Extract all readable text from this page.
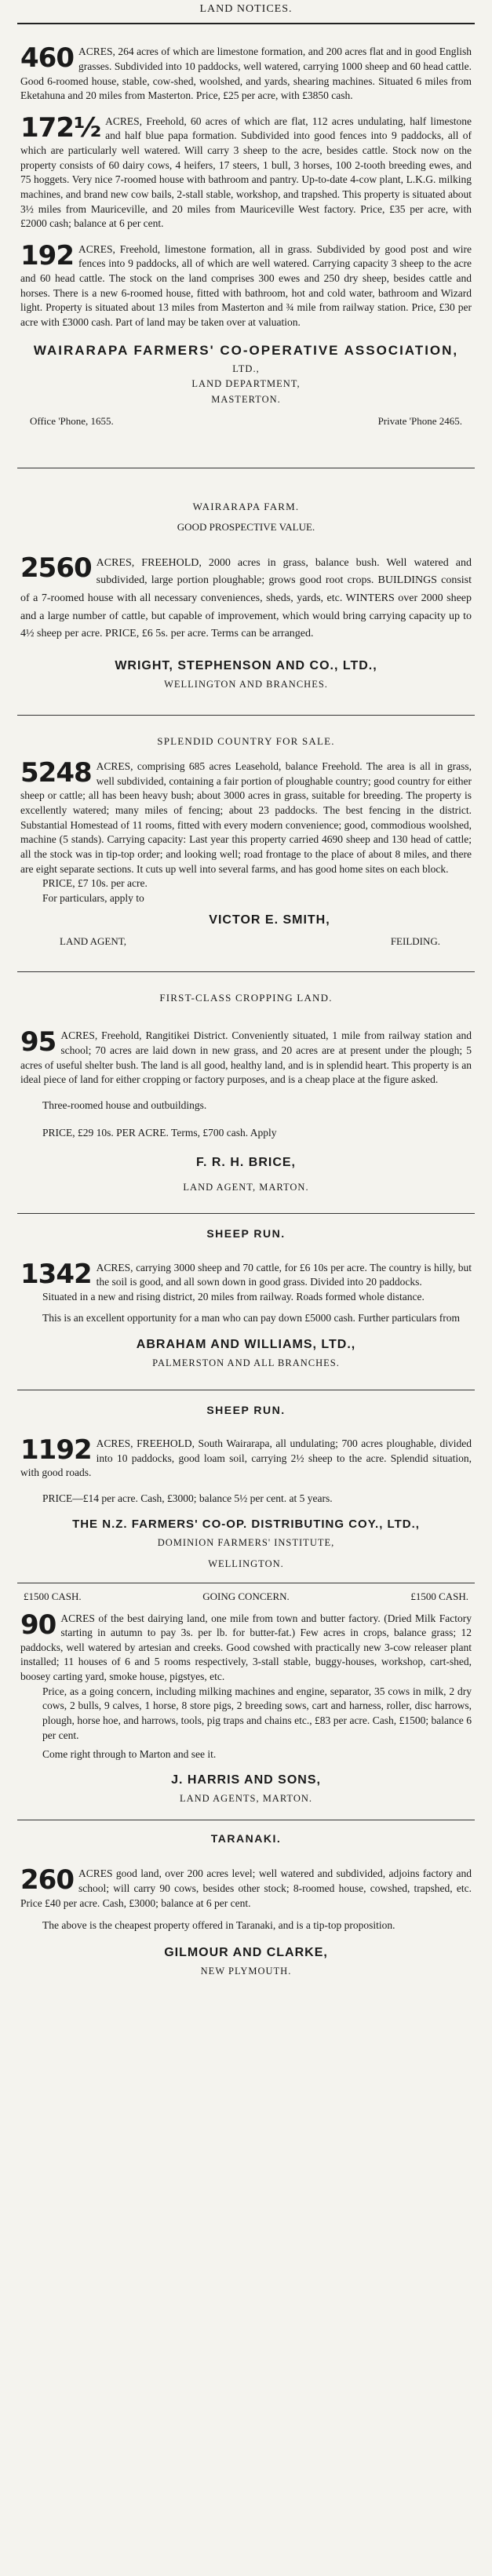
LAND NOTICES.
460 ACRES, 264 acres of which are limestone formation, and 200 acres flat and in good English grasses. Subdivided into 10 paddocks, well watered, carrying 1000 sheep and 60 head cattle. Good 6-roomed house, stable, cow-shed, woolshed, and yards, shearing machines. Situated 6 miles from Eketahuna and 20 miles from Masterton. Price, £25 per acre, with £3850 cash.
172½ ACRES, Freehold, 60 acres of which are flat, 112 acres undulating, half limestone and half blue papa formation. Subdivided into good fences into 9 paddocks, all of which are particularly well watered. Will carry 3 sheep to the acre, besides cattle. Stock now on the property consists of 60 dairy cows, 4 heifers, 17 steers, 1 bull, 3 horses, 100 2-tooth breeding ewes, and 75 hoggets. Very nice 7-roomed house with bathroom and pantry. Up-to-date 4-cow plant, L.K.G. milking machines, and brand new cow bails, 2-stall stable, workshop, and trapshed. This property is situated about 3½ miles from Mauriceville, and 20 miles from Mauriceville West factory. Price, £35 per acre, with £2000 cash; balance at 6 per cent.
192 ACRES, Freehold, limestone formation, all in grass. Subdivided by good post and wire fences into 9 paddocks, all of which are well watered. Carrying capacity 3 sheep to the acre and 60 head cattle. The stock on the land comprises 300 ewes and 250 dry sheep, besides cattle and horses. There is a new 6-roomed house, fitted with bathroom, hot and cold water, bathroom and Wizard light. Property is situated about 13 miles from Masterton and ¾ mile from railway station. Price, £30 per acre with £3000 cash. Part of land may be taken over at valuation.
WAIRARAPA FARMERS' CO-OPERATIVE ASSOCIATION,
LTD.,
LAND DEPARTMENT,
MASTERTON.
Office 'Phone, 1655.	Private 'Phone 2465.
WAIRARAPA FARM.
GOOD PROSPECTIVE VALUE.
2560 ACRES, FREEHOLD, 2000 acres in grass, balance bush. Well watered and subdivided, large portion ploughable; grows good root crops. BUILDINGS consist of a 7-roomed house with all necessary conveniences, sheds, yards, etc. WINTERS over 2000 sheep and a large number of cattle, but capable of improvement, which would bring carrying capacity up to 4½ sheep per acre. PRICE, £6 5s. per acre. Terms can be arranged.
WRIGHT, STEPHENSON AND CO., LTD.,
WELLINGTON AND BRANCHES.
SPLENDID COUNTRY FOR SALE.
5248 ACRES, comprising 685 acres Leasehold, balance Freehold. The area is all in grass, well subdivided, containing a fair portion of ploughable country; good country for either sheep or cattle; all has been heavy bush; about 3000 acres in grass, suitable for breeding. The property is excellently watered; many miles of fencing; about 23 paddocks. The best fencing in the district. Substantial Homestead of 11 rooms, fitted with every modern convenience; good, commodious woolshed, machine (5 stands). Carrying capacity: Last year this property carried 4690 sheep and 130 head of cattle; all the stock was in tip-top order; and looking well; road frontage to the place of about 8 miles, and there are eight separate sections. It cuts up well into several farms, and has good home sites on each block.
PRICE, £7 10s. per acre.
For particulars, apply to
VICTOR E. SMITH,
LAND AGENT,	FEILDING.
FIRST-CLASS CROPPING LAND.
95 ACRES, Freehold, Rangitikei District. Conveniently situated, 1 mile from railway station and school; 70 acres are laid down in new grass, and 20 acres are at present under the plough; 5 acres of useful shelter bush. The land is all good, healthy land, and is in splendid heart. This property is an ideal piece of land for either cropping or factory purposes, and is a cheap place at the figure asked.
Three-roomed house and outbuildings.
PRICE, £29 10s. PER ACRE. Terms, £700 cash. Apply
F. R. H. BRICE,
LAND AGENT, MARTON.
SHEEP RUN.
1342 ACRES, carrying 3000 sheep and 70 cattle, for £6 10s per acre. The country is hilly, but the soil is good, and all sown down in good grass. Divided into 20 paddocks.
Situated in a new and rising district, 20 miles from railway. Roads formed whole distance.
This is an excellent opportunity for a man who can pay down £5000 cash. Further particulars from
ABRAHAM AND WILLIAMS, LTD.,
PALMERSTON AND ALL BRANCHES.
SHEEP RUN.
1192 ACRES, FREEHOLD, South Wairarapa, all undulating; 700 acres ploughable, divided into 10 paddocks, good loam soil, carrying 2½ sheep to the acre. Splendid situation, with good roads.
PRICE—£14 per acre. Cash, £3000; balance 5½ per cent. at 5 years.
THE N.Z. FARMERS' CO-OP. DISTRIBUTING COY., LTD.,
DOMINION FARMERS' INSTITUTE,
WELLINGTON.
£1500 CASH.	GOING CONCERN.	£1500 CASH.
90 ACRES of the best dairying land, one mile from town and butter factory. (Dried Milk Factory starting in autumn to pay 3s. per lb. for butter-fat.) Few acres in crops, balance grass; 12 paddocks, well watered by artesian and creeks. Good cowshed with practically new 3-cow releaser plant installed; 11 houses of 6 and 5 rooms respectively, 3-stall stable, buggy-houses, workshop, cart-shed, boosey carting yard, smoke house, pigstyes, etc.
Price, as a going concern, including milking machines and engine, separator, 35 cows in milk, 2 dry cows, 2 bulls, 9 calves, 1 horse, 8 store pigs, 2 breeding sows, cart and harness, roller, disc harrows, plough, horse hoe, and harrows, tools, pig traps and chains etc., £83 per acre. Cash, £1500; balance 6 per cent.
Come right through to Marton and see it.
J. HARRIS AND SONS,
LAND AGENTS, MARTON.
TARANAKI.
260 ACRES good land, over 200 acres level; well watered and subdivided, adjoins factory and school; will carry 90 cows, besides other stock; 8-roomed house, cowshed, trapshed, etc. Price £40 per acre. Cash, £3000; balance at 6 per cent.
The above is the cheapest property offered in Taranaki, and is a tip-top proposition.
GILMOUR AND CLARKE,
NEW PLYMOUTH.
